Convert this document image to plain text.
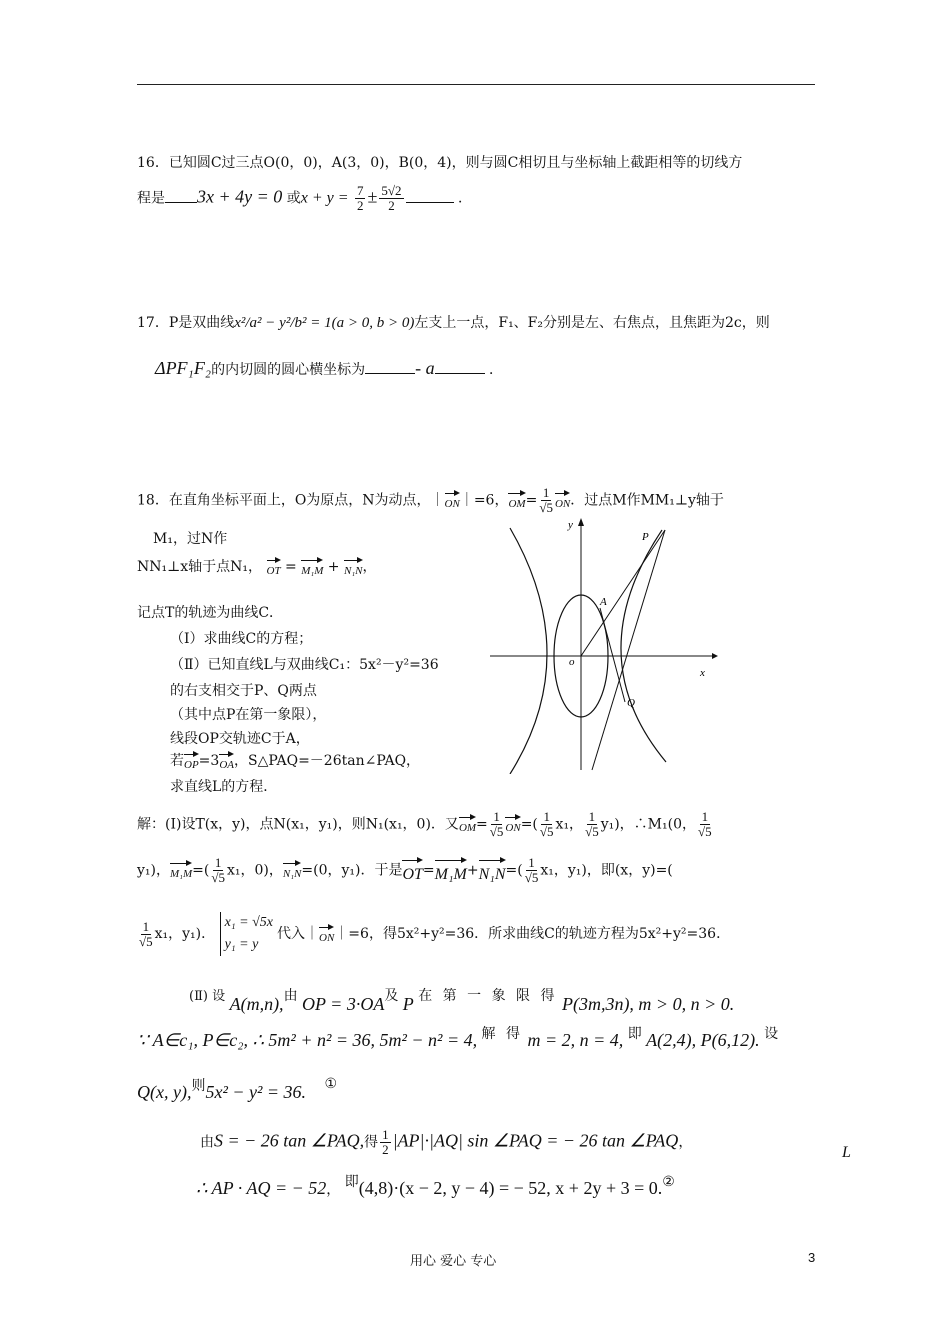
16．已知圆C过三点O(0，0)，A(3，0)，B(0，4)，则与圆C相切且与坐标轴上截距相等的切线方
程是 3x + 4y = 0 或$x + y = \frac{7}{2} \pm \frac{5√2}{2}$	．
17．P是双曲线x²/a² − y²/b² = 1(a > 0, b > 0)左支上一点，F₁、F₂分别是左、右焦点，且焦距为2c，则
ΔPF₁F₂的内切圆的圆心横坐标为	- a	．
18．在直角坐标平面上，O为原点，N为动点，｜ON｜=6，$OM= \frac{1}{√5}$ ON．过点M作MM₁⊥y轴于
M₁，过N作
NN₁⊥x轴于点N₁， OT = M₁M + N₁N，
记点T的轨迹为曲线C．
（Ⅰ）求曲线C的方程；
（Ⅱ）已知直线L与双曲线C₁：5x²－y²=36
的右支相交于P、Q两点
（其中点P在第一象限），
线段OP交轨迹C于A，
若OP=3OA，S△PAQ=－26tan∠PAQ，
求直线L的方程．
y
x
o
P
A
Q
解：(Ⅰ)设T(x，y)，点N(x₁，y₁)，则N₁(x₁，0)．又$OM= \frac{1}{√5} ON=( \frac{1}{√5} x_1$， $\frac{1}{√5} y_1$)，∴M₁(0， $\frac{1}{√5}$
y₁)，$M_1M=( \frac{1}{√5} x_1$，0)，N₁N=(0，y₁)．于是$OT=M_1M+N_1N=( \frac{1}{√5} x_1$，y₁)，即(x，y)=(
$\frac{1}{√5} x_1$，y₁)．
x₁ = √5x
y₁ = y
代入｜ON｜=6，得5x²+y²=36．所求曲线C的轨迹方程为5x²+y²=36．
(Ⅱ) 设 A(m,n),由 OP = 3·OA及 P 在 第 一 象 限 得 P(3m,3n), m > 0, n > 0.
∵ A∈c₁, P∈c₂, ∴ 5m² + n² = 36, 5m² − n² = 4, 解 得 m = 2, n = 4, 即 A(2,4), P(6,12). 设
Q(x, y),则5x² − y² = 36. ①
由S = − 26 tan ∠PAQ,得 $\frac{1}{2} |AP|\cdot|AQ|$ sin ∠PAQ = − 26 tan ∠PAQ，
L
∴ AP · AQ = − 52， 即(4,8)·(x − 2, y − 4) = − 52, x + 2y + 3 = 0.②
用心 爱心 专心	3
